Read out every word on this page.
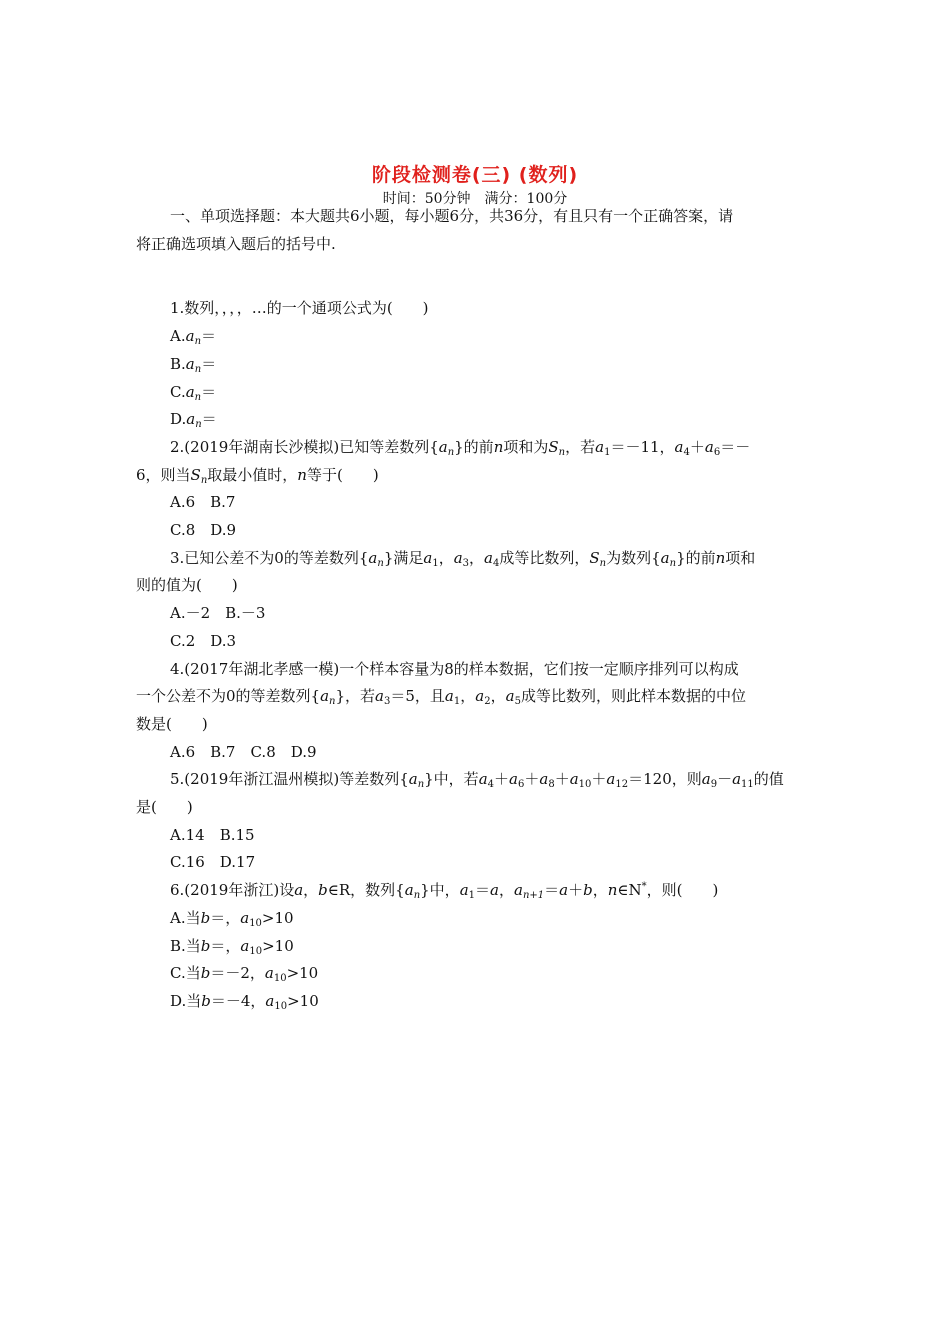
阶段检测卷(三) (数列)
时间：50分钟　满分：100分
一、单项选择题：本大题共6小题，每小题6分，共36分，有且只有一个正确答案，请
将正确选项填入题后的括号中.
1.数列，，，，…的一个通项公式为(　　)
$A.a_n=$
$B.a_n=$
$C.a_n=$
$D.a_n=$
2.(2019年湖南长沙模拟)已知等差数列$\{a_n\}$的前n项和为$S_n$，若$a_1=-11$，$a_4+a_6=-$
6，则当$S_n$取最小值时，n等于(　　)
A.6　B.7
C.8　D.9
3.已知公差不为0的等差数列$\{a_n\}$满足$a_1$，$a_3$，$a_4$成等比数列，$S_n$为数列$\{a_n\}$的前n项和
则的值为(　　)
A.－2　B.－3
C.2　D.3
4.(2017年湖北孝感一模)一个样本容量为8的样本数据，它们按一定顺序排列可以构成
一个公差不为0的等差数列$\{a_n\}$，若$a_3=5$，且$a_1$，$a_2$，$a_5$成等比数列，则此样本数据的中位
数是(　　)
A.6　B.7　C.8　D.9
5.(2019年浙江温州模拟)等差数列$\{a_n\}$中，若$a_4+a_6+a_8+a_{10}+a_{12}=120$，则$a_9-a_{11}$的值
是(　　)
A.14　B.15
C.16　D.17
6.(2019年浙江)设a，b∈R，数列$\{a_n\}$中，$a_1=a$，$a_{n+1}=a+b$，n∈N*，则(　　)
A.当b＝，$a_{10}>10$
B.当b＝，$a_{10}>10$
C.当b＝－2，$a_{10}>10$
D.当b＝－4，$a_{10}>10$
